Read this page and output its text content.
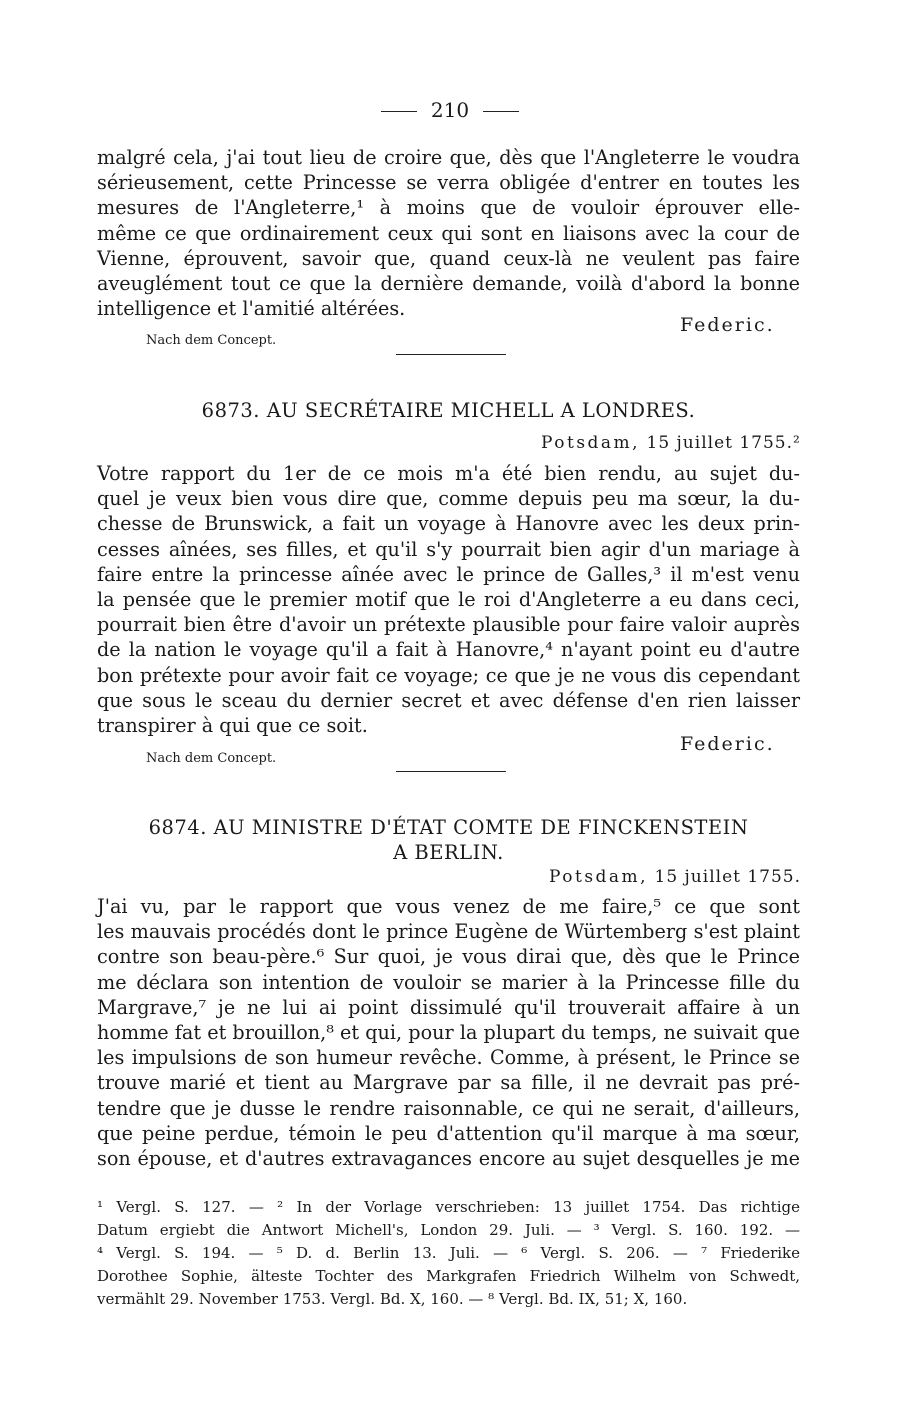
210
malgré cela, j'ai tout lieu de croire que, dès que l'Angleterre le voudra
sérieusement, cette Princesse se verra obligée d'entrer en toutes les
mesures de l'Angleterre,¹ à moins que de vouloir éprouver elle-
même ce que ordinairement ceux qui sont en liaisons avec la cour de
Vienne, éprouvent, savoir que, quand ceux-là ne veulent pas faire
aveuglément tout ce que la dernière demande, voilà d'abord la bonne
intelligence et l'amitié altérées.
Federic.
Nach dem Concept.
6873. AU SECRÉTAIRE MICHELL A LONDRES.
Potsdam, 15 juillet 1755.²
Votre rapport du 1er de ce mois m'a été bien rendu, au sujet du-
quel je veux bien vous dire que, comme depuis peu ma sœur, la du-
chesse de Brunswick, a fait un voyage à Hanovre avec les deux prin-
cesses aînées, ses filles, et qu'il s'y pourrait bien agir d'un mariage à
faire entre la princesse aînée avec le prince de Galles,³ il m'est venu
la pensée que le premier motif que le roi d'Angleterre a eu dans ceci,
pourrait bien être d'avoir un prétexte plausible pour faire valoir auprès
de la nation le voyage qu'il a fait à Hanovre,⁴ n'ayant point eu d'autre
bon prétexte pour avoir fait ce voyage; ce que je ne vous dis cependant
que sous le sceau du dernier secret et avec défense d'en rien laisser
transpirer à qui que ce soit.
Federic.
Nach dem Concept.
6874. AU MINISTRE D'ÉTAT COMTE DE FINCKENSTEIN
A BERLIN.
Potsdam, 15 juillet 1755.
J'ai vu, par le rapport que vous venez de me faire,⁵ ce que sont
les mauvais procédés dont le prince Eugène de Würtemberg s'est plaint
contre son beau-père.⁶ Sur quoi, je vous dirai que, dès que le Prince
me déclara son intention de vouloir se marier à la Princesse fille du
Margrave,⁷ je ne lui ai point dissimulé qu'il trouverait affaire à un
homme fat et brouillon,⁸ et qui, pour la plupart du temps, ne suivait que
les impulsions de son humeur revêche. Comme, à présent, le Prince se
trouve marié et tient au Margrave par sa fille, il ne devrait pas pré-
tendre que je dusse le rendre raisonnable, ce qui ne serait, d'ailleurs,
que peine perdue, témoin le peu d'attention qu'il marque à ma sœur,
son épouse, et d'autres extravagances encore au sujet desquelles je me
¹ Vergl. S. 127. — ² In der Vorlage verschrieben: 13 juillet 1754. Das richtige
Datum ergiebt die Antwort Michell's, London 29. Juli. — ³ Vergl. S. 160. 192. —
⁴ Vergl. S. 194. — ⁵ D. d. Berlin 13. Juli. — ⁶ Vergl. S. 206. — ⁷ Friederike
Dorothee Sophie, älteste Tochter des Markgrafen Friedrich Wilhelm von Schwedt,
vermählt 29. November 1753. Vergl. Bd. X, 160. — ⁸ Vergl. Bd. IX, 51; X, 160.
